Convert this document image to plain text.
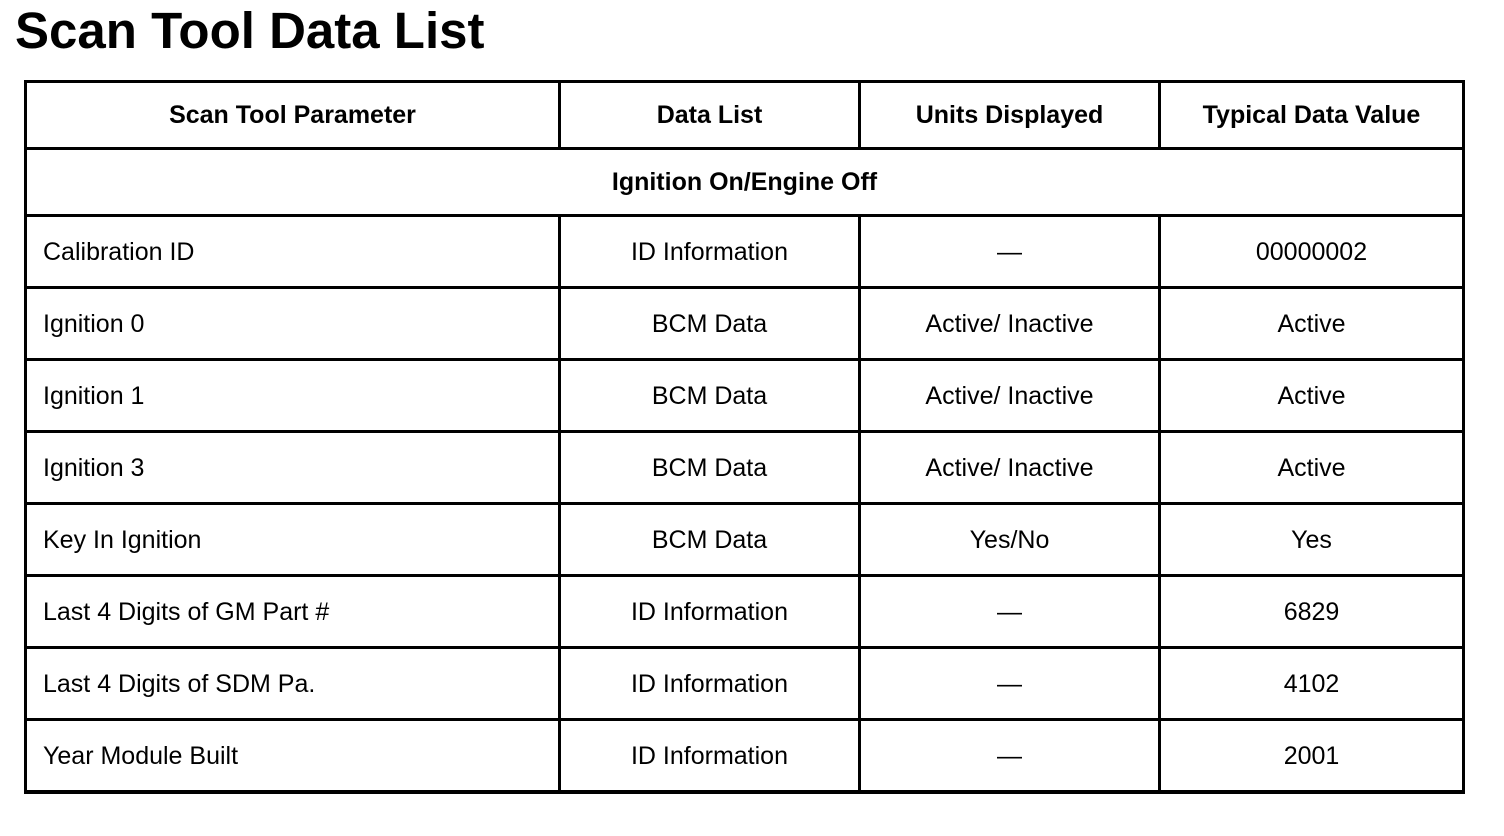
Scan Tool Data List
Scan Tool Parameter	Data List	Units Displayed	Typical Data Value
Ignition On/Engine Off			
Calibration ID	ID Information	—	00000002
Ignition 0	BCM Data	Active/ Inactive	Active
Ignition 1	BCM Data	Active/ Inactive	Active
Ignition 3	BCM Data	Active/ Inactive	Active
Key In Ignition	BCM Data	Yes/No	Yes
Last 4 Digits of GM Part #	ID Information	—	6829
Last 4 Digits of SDM Pa.	ID Information	—	4102
Year Module Built	ID Information	—	2001
